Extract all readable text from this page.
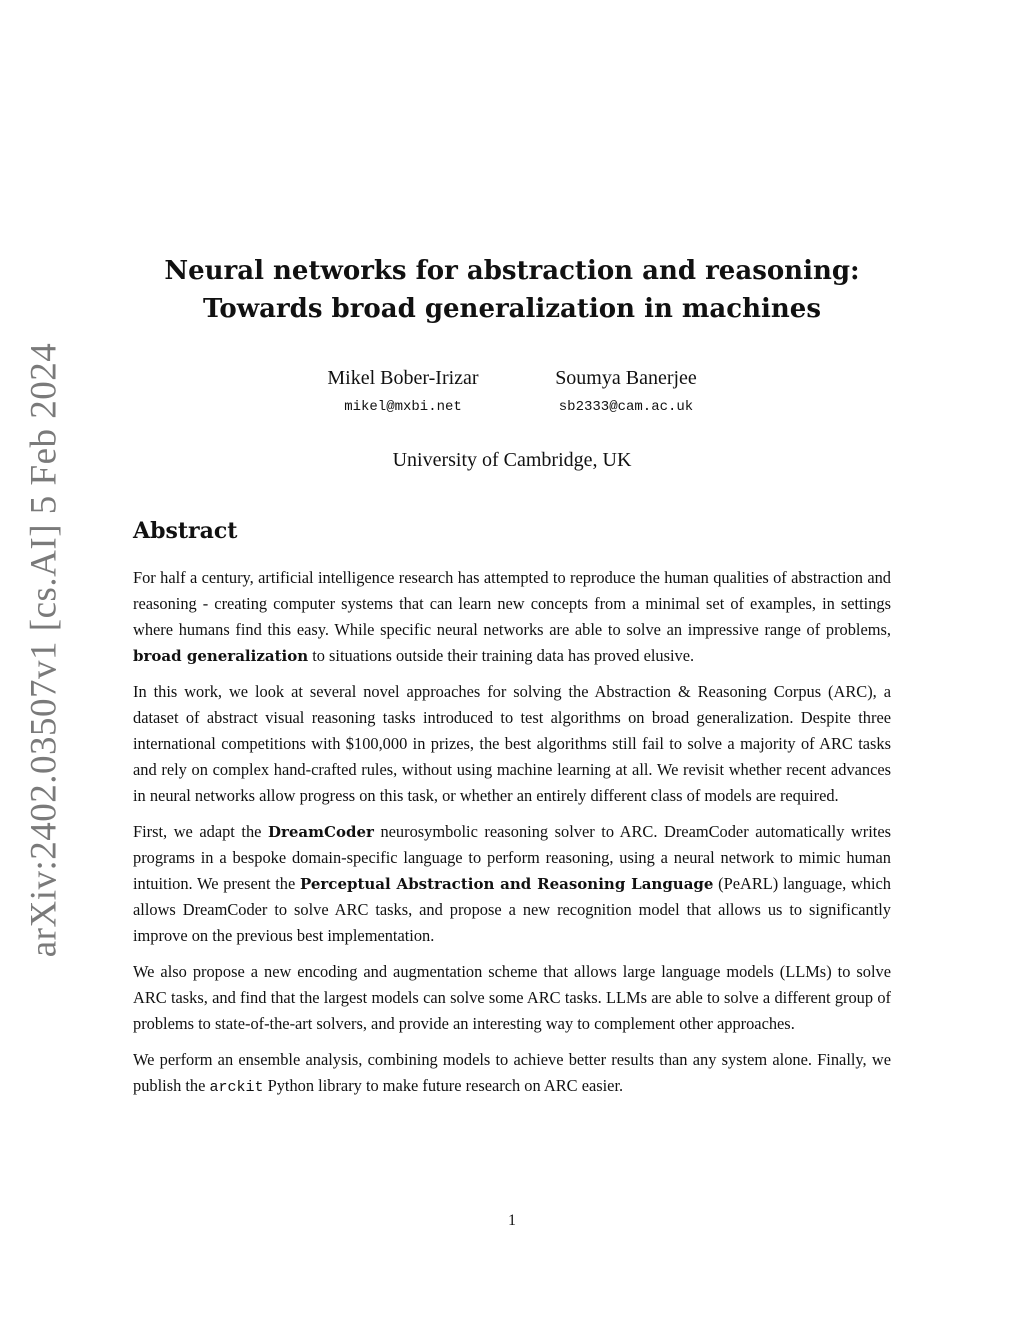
arXiv:2402.03507v1 [cs.AI] 5 Feb 2024
Neural networks for abstraction and reasoning:
Towards broad generalization in machines
Mikel Bober-Irizar
mikel@mxbi.net
Soumya Banerjee
sb2333@cam.ac.uk
University of Cambridge, UK
Abstract

For half a century, artificial intelligence research has attempted to reproduce the human qualities of abstraction and reasoning - creating computer systems that can learn new concepts from a minimal set of examples, in settings where humans find this easy. While specific neural networks are able to solve an impressive range of problems, broad generalization to situations outside their training data has proved elusive.

In this work, we look at several novel approaches for solving the Abstraction & Reasoning Corpus (ARC), a dataset of abstract visual reasoning tasks introduced to test algorithms on broad generalization. Despite three international competitions with $100,000 in prizes, the best algorithms still fail to solve a majority of ARC tasks and rely on complex hand-crafted rules, without using machine learning at all. We revisit whether recent advances in neural networks allow progress on this task, or whether an entirely different class of models are required.

First, we adapt the DreamCoder neurosymbolic reasoning solver to ARC. DreamCoder automatically writes programs in a bespoke domain-specific language to perform reasoning, using a neural network to mimic human intuition. We present the Perceptual Abstraction and Reasoning Language (PeARL) language, which allows DreamCoder to solve ARC tasks, and propose a new recognition model that allows us to significantly improve on the previous best implementation.

We also propose a new encoding and augmentation scheme that allows large language models (LLMs) to solve ARC tasks, and find that the largest models can solve some ARC tasks. LLMs are able to solve a different group of problems to state-of-the-art solvers, and provide an interesting way to complement other approaches.

We perform an ensemble analysis, combining models to achieve better results than any system alone. Finally, we publish the arckit Python library to make future research on ARC easier.

1
